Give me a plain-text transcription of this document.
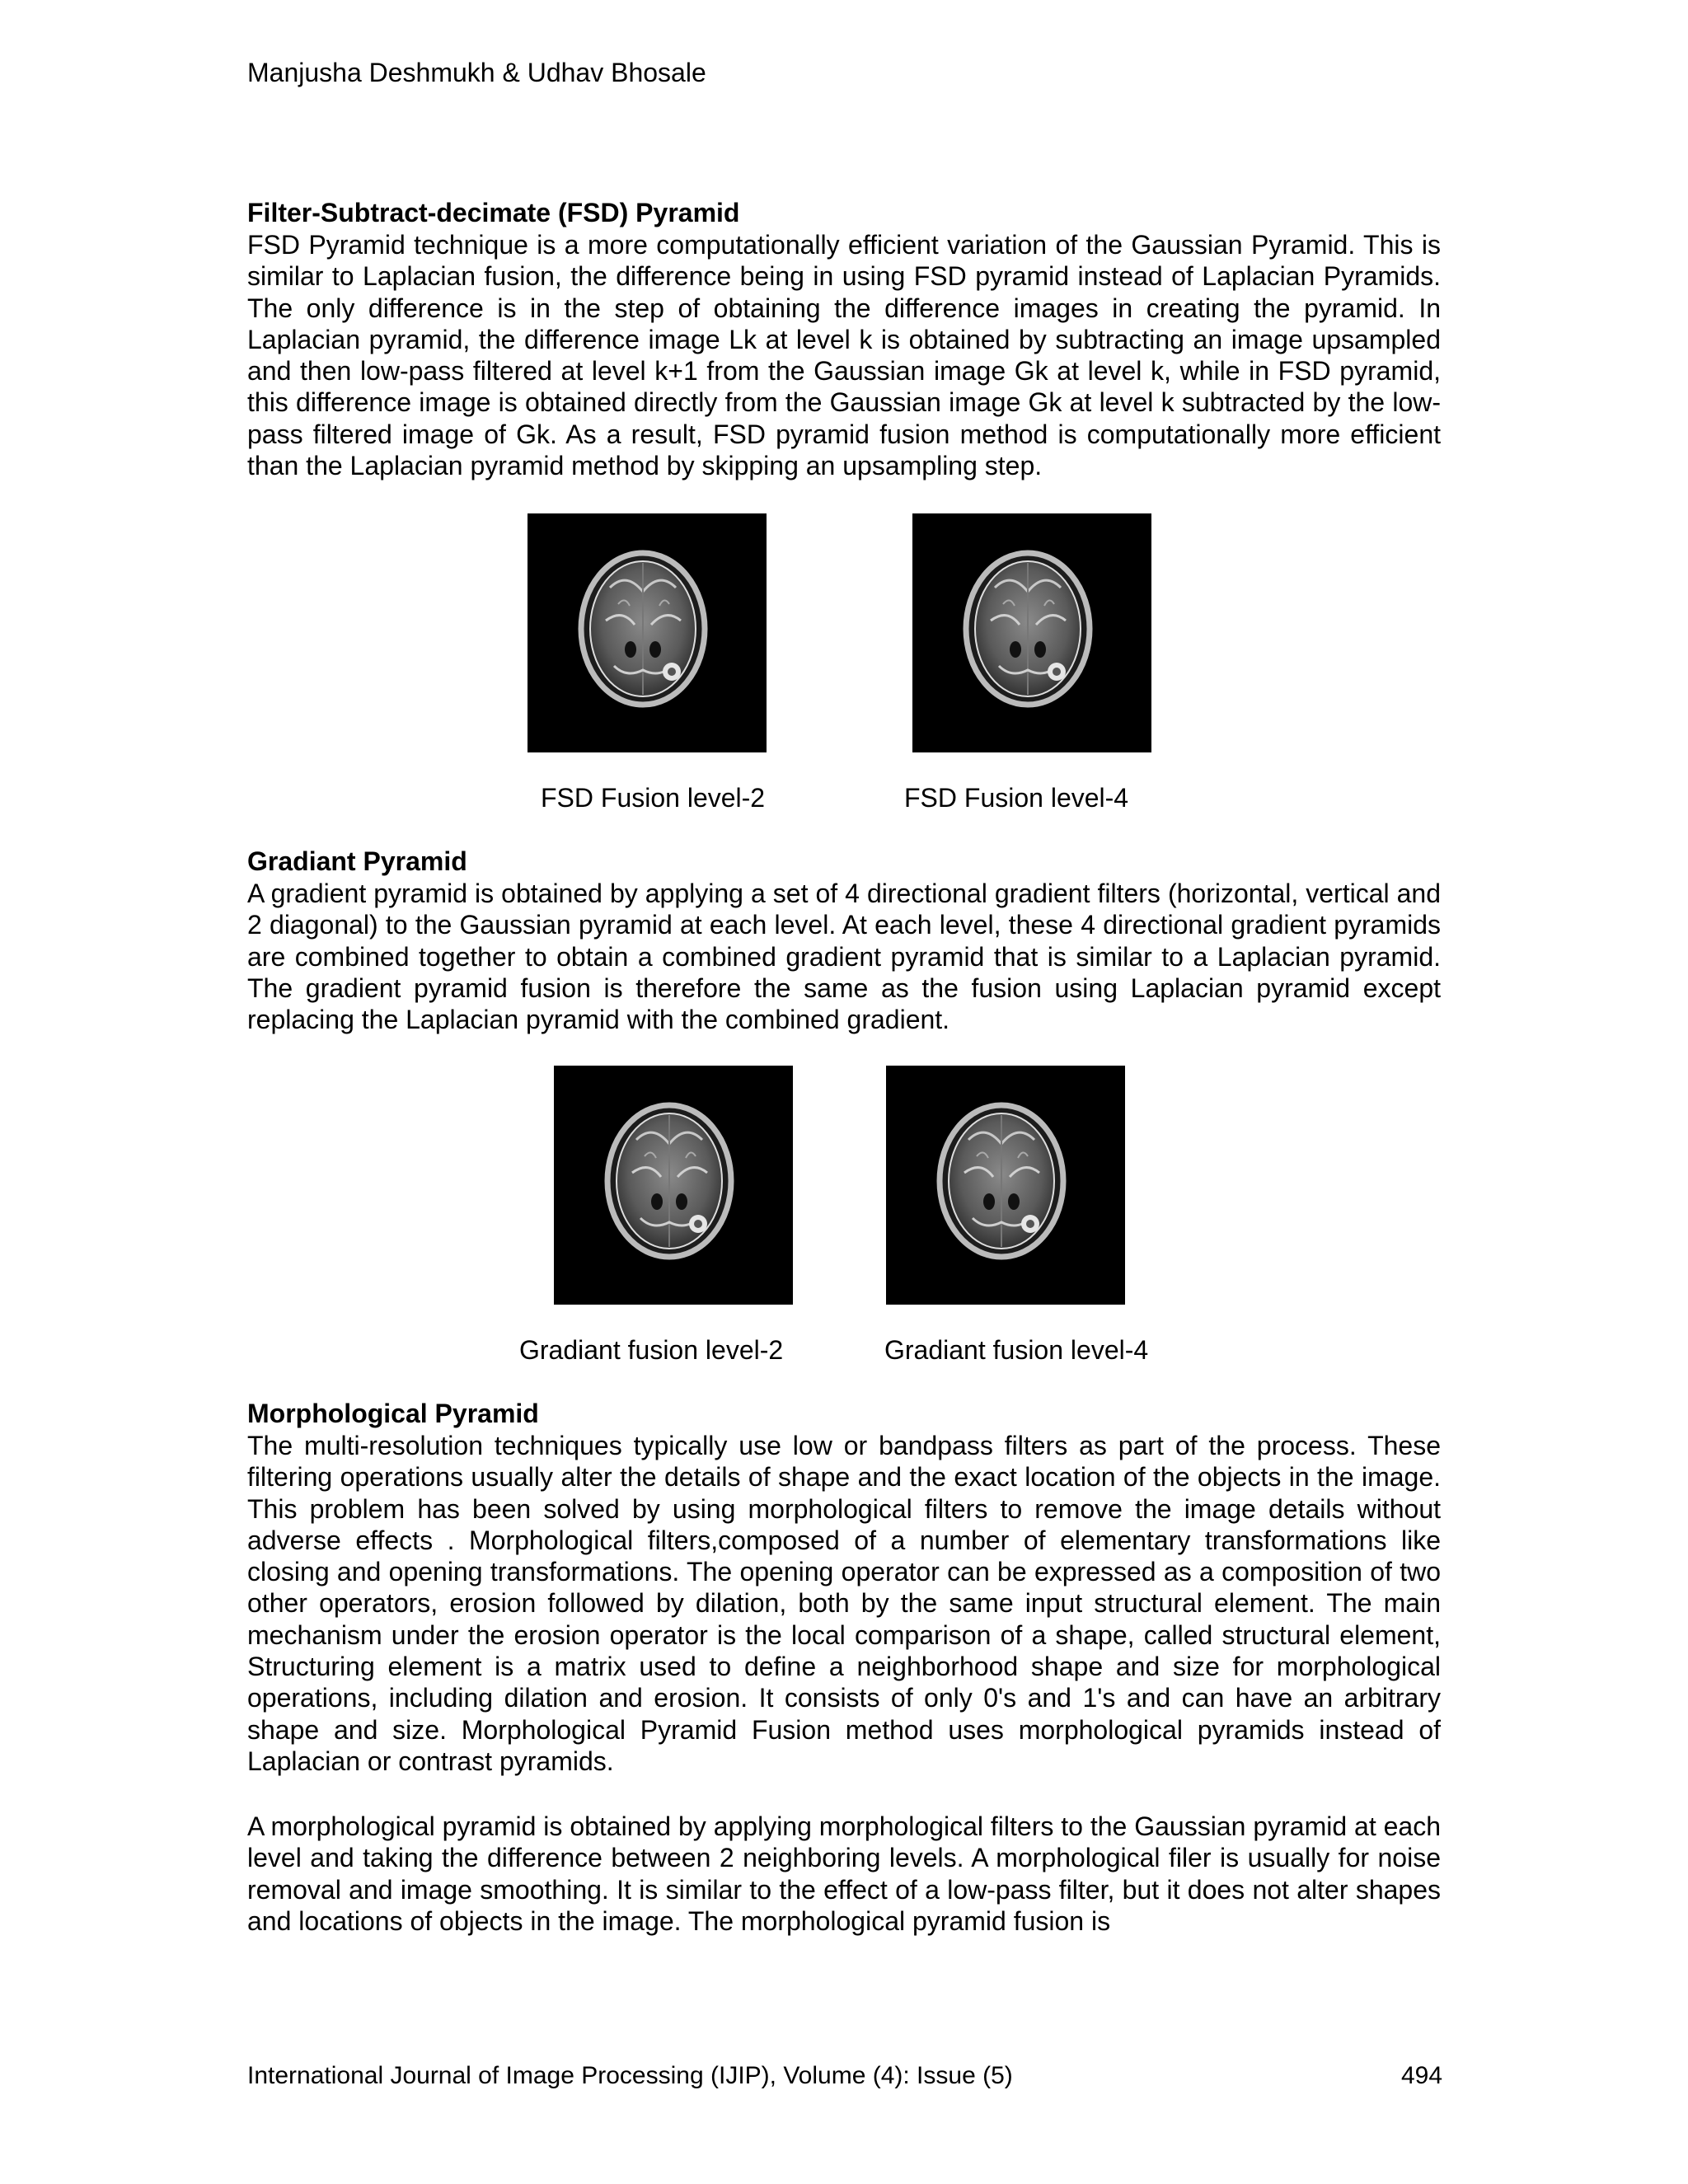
Manjusha Deshmukh & Udhav Bhosale
Filter-Subtract-decimate (FSD) Pyramid

FSD Pyramid technique is a more computationally efficient variation of the Gaussian Pyramid. This is similar to Laplacian fusion, the difference being in using FSD pyramid instead of Laplacian Pyramids. The only difference is in the step of obtaining the difference images in creating the pyramid. In Laplacian pyramid, the difference image Lk at level k is obtained by subtracting an image upsampled and then low-pass filtered at level k+1 from the Gaussian image Gk at level k, while in FSD pyramid, this difference image is obtained directly from the Gaussian image Gk at level k subtracted by the low-pass filtered image of Gk. As a result, FSD pyramid fusion method is computationally more efficient than the Laplacian pyramid method by skipping an upsampling step.

FSD Fusion level-2	FSD Fusion level-4
Gradiant Pyramid

A gradient pyramid is obtained by applying a set of 4 directional gradient filters (horizontal, vertical and 2 diagonal) to the Gaussian pyramid at each level. At each level, these 4 directional gradient pyramids are combined together to obtain a combined gradient pyramid that is similar to a Laplacian pyramid. The gradient pyramid fusion is therefore the same as the fusion using Laplacian pyramid except replacing the Laplacian pyramid with the combined gradient.

Gradiant fusion level-2	Gradiant fusion level-4
Morphological Pyramid

The multi-resolution techniques typically use low or bandpass filters as part of the process. These filtering operations usually alter the details of shape and the exact location of the objects in the image. This problem has been solved by using morphological filters to remove the image details without adverse effects . Morphological filters,composed of a number of elementary transformations like closing and opening transformations. The opening operator can be expressed as a composition of two other operators, erosion followed by dilation, both by the same input structural element. The main mechanism under the erosion operator is the local comparison of a shape, called structural element, Structuring element is a matrix used to define a neighborhood shape and size for morphological operations, including dilation and erosion. It consists of only 0's and 1's and can have an arbitrary shape and size. Morphological Pyramid Fusion method uses morphological pyramids instead of Laplacian or contrast pyramids.

A morphological pyramid is obtained by applying morphological filters to the Gaussian pyramid at each level and taking the difference between 2 neighboring levels. A morphological filer is usually for noise removal and image smoothing. It is similar to the effect of a low-pass filter, but it does not alter shapes and locations of objects in the image. The morphological pyramid fusion is

International Journal of Image Processing (IJIP), Volume (4): Issue (5)	494
